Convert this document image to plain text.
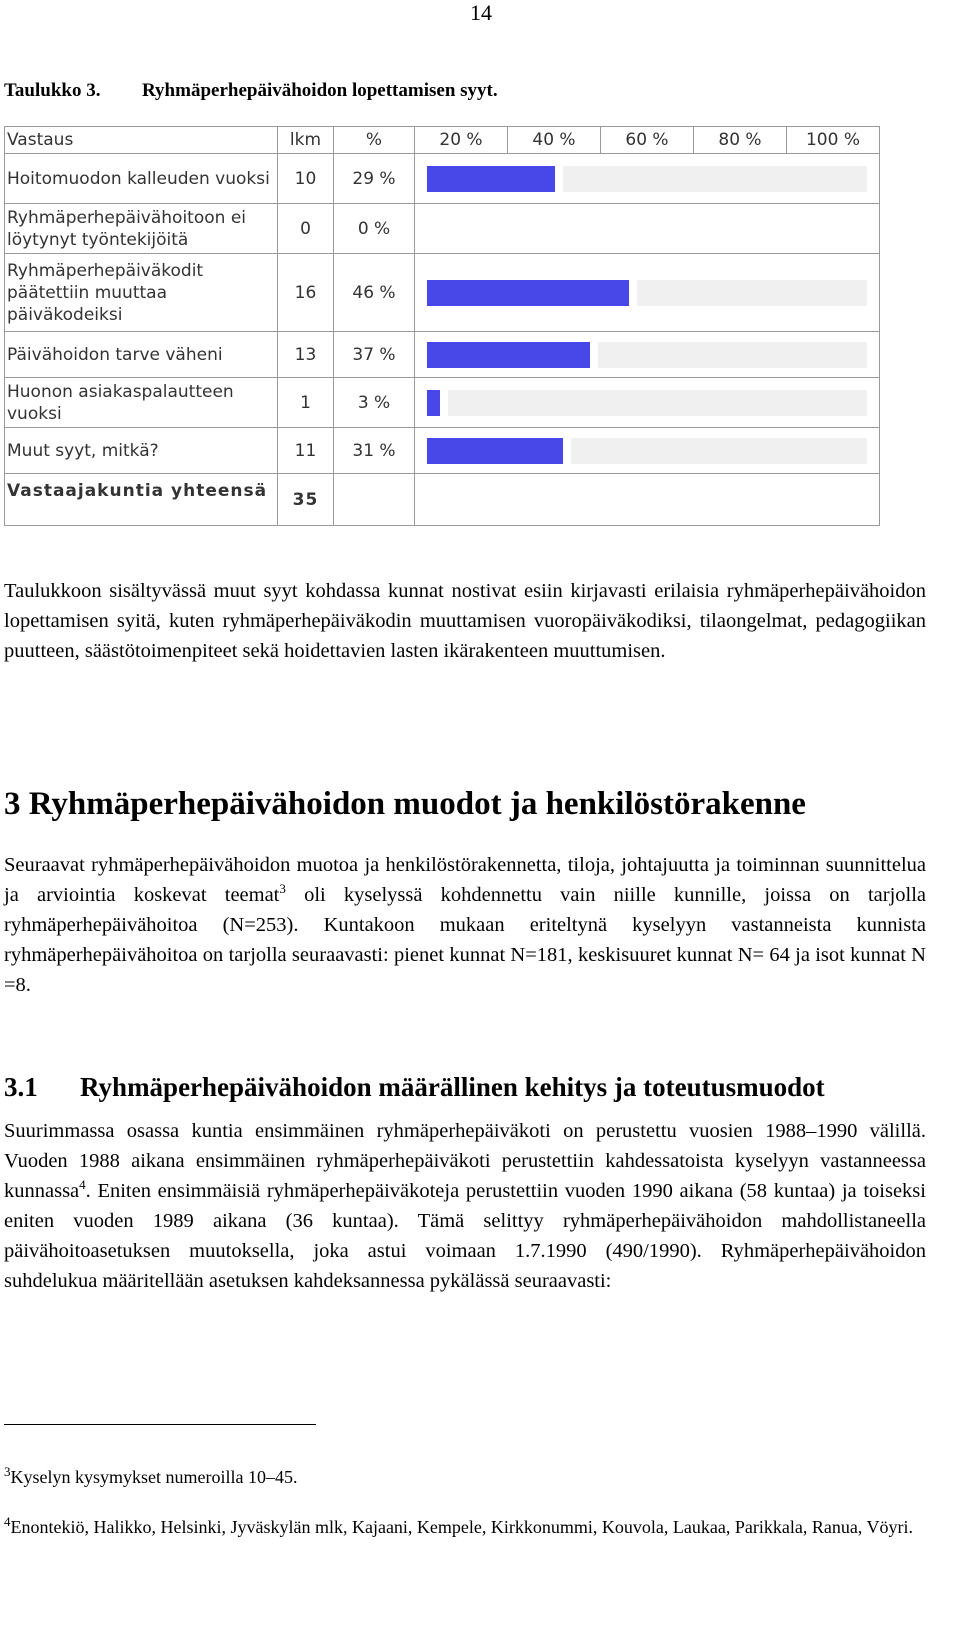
14
Taulukko 3. Ryhmäperhepäivähoidon lopettamisen syyt.
Vastaus	lkm	%	20 %	40 %	60 %	80 %	100 %
Hoitomuodon kalleuden vuoksi	10	29 %					

Ryhmäperhepäivähoitoon ei löytynyt työntekijöitä	0	0 %					

Ryhmäperhepäiväkodit päätettiin muuttaa päiväkodeiksi	16	46 %					

Päivähoidon tarve väheni	13	37 %					

Huonon asiakaspalautteen vuoksi	1	3 %					

Muut syyt, mitkä?	11	31 %					

Vastaajakuntia yhteensä	35						

Taulukkoon sisältyvässä muut syyt kohdassa kunnat nostivat esiin kirjavasti erilaisia ryhmäperhepäivähoidon lopettamisen syitä, kuten ryhmäperhepäiväkodin muuttamisen vuoropäiväkodiksi, tilaongelmat, pedagogiikan puutteen, säästötoimenpiteet sekä hoidettavien lasten ikärakenteen muuttumisen.

3 Ryhmäperhepäivähoidon muodot ja henkilöstörakenne

Seuraavat ryhmäperhepäivähoidon muotoa ja henkilöstörakennetta, tiloja, johtajuutta ja toiminnan suunnittelua ja arviointia koskevat teemat$^3$ oli kyselyssä kohdennettu vain niille kunnille, joissa on tarjolla ryhmäperhepäivähoitoa (N=253). Kuntakoon mukaan eriteltynä kyselyyn vastanneista kunnista ryhmäperhepäivähoitoa on tarjolla seuraavasti: pienet kunnat N=181, keskisuuret kunnat N= 64 ja isot kunnat N =8.

3.1 Ryhmäperhepäivähoidon määrällinen kehitys ja toteutusmuodot

Suurimmassa osassa kuntia ensimmäinen ryhmäperhepäiväkoti on perustettu vuosien 1988–1990 välillä. Vuoden 1988 aikana ensimmäinen ryhmäperhepäiväkoti perustettiin kahdessatoista kyselyyn vastanneessa kunnassa$^4$. Eniten ensimmäisiä ryhmäperhepäiväkoteja perustettiin vuoden 1990 aikana (58 kuntaa) ja toiseksi eniten vuoden 1989 aikana (36 kuntaa). Tämä selittyy ryhmäperhepäivähoidon mahdollistaneella päivähoitoasetuksen muutoksella, joka astui voimaan 1.7.1990 (490/1990). Ryhmäperhepäivähoidon suhdelukua määritellään asetuksen kahdeksannessa pykälässä seuraavasti:

$^3$Kyselyn kysymykset numeroilla 10–45.
$^4$Enontekiö, Halikko, Helsinki, Jyväskylän mlk, Kajaani, Kempele, Kirkkonummi, Kouvola, Laukaa, Parikkala, Ranua, Vöyri.
